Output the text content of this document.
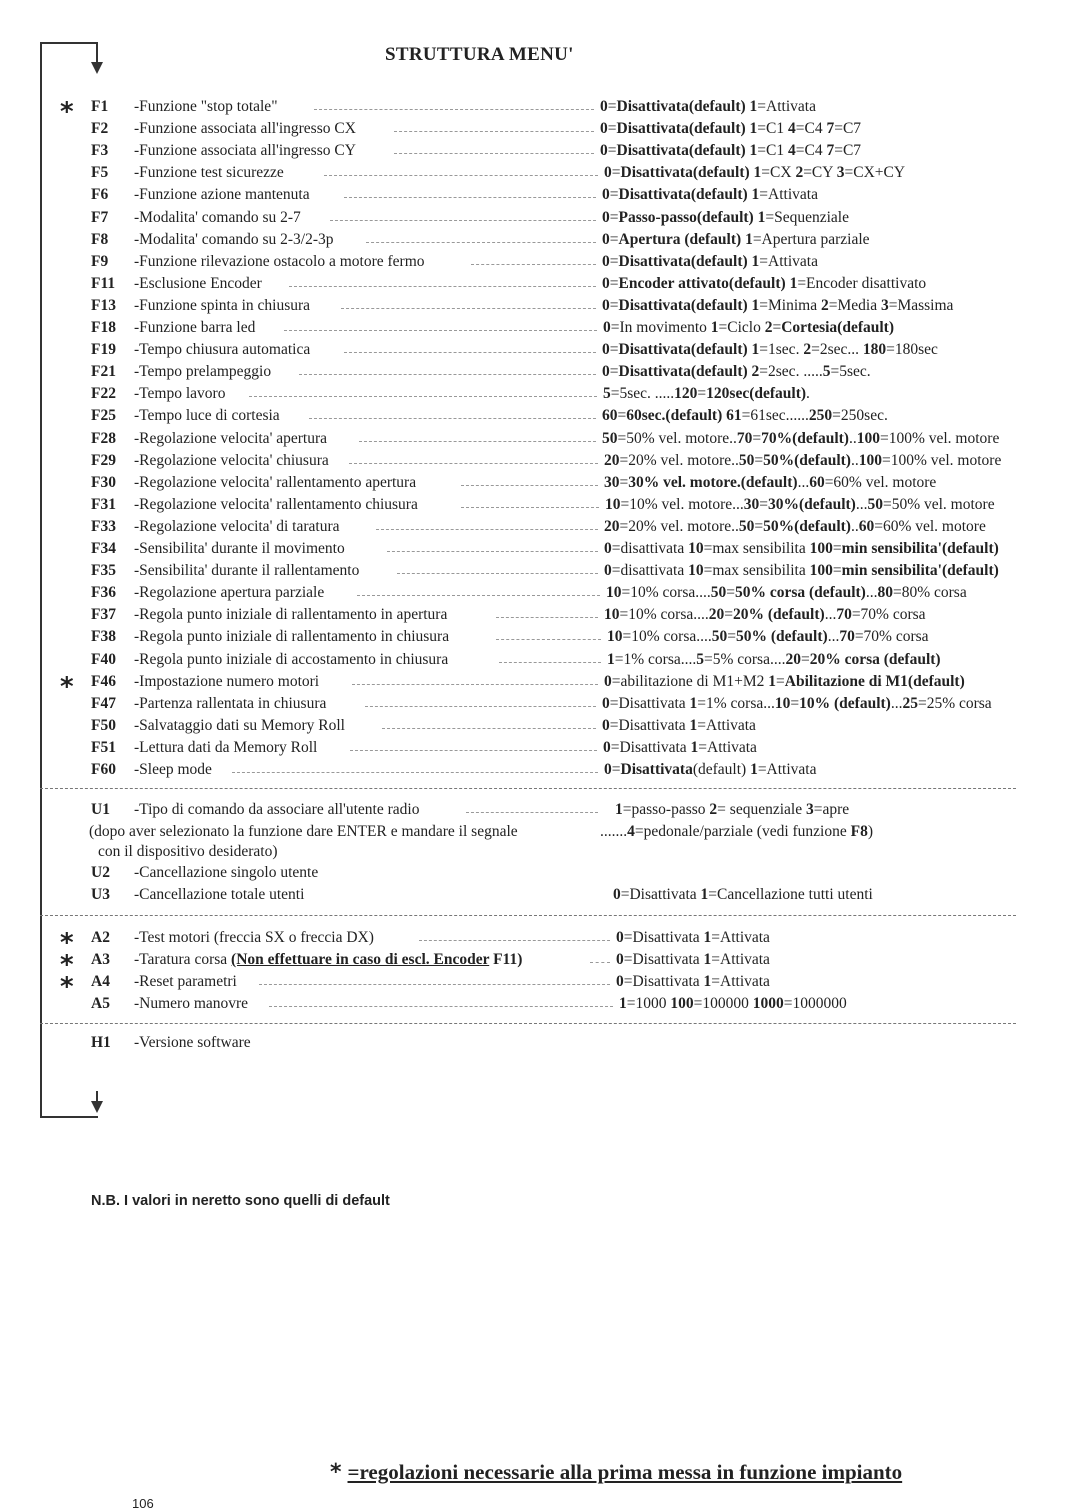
STRUTTURA MENU'
* F1 -Funzione "stop totale"	0=Disattivata(default) 1=Attivata
F2 -Funzione associata all'ingresso CX	0=Disattivata(default) 1=C1 4=C4 7=C7
F3 -Funzione associata all'ingresso CY	0=Disattivata(default) 1=C1 4=C4 7=C7
F5 -Funzione test sicurezze	0=Disattivata(default) 1=CX 2=CY 3=CX+CY
F6 -Funzione azione mantenuta	0=Disattivata(default) 1=Attivata
F7 -Modalita' comando su 2-7	0=Passo-passo(default) 1=Sequenziale
F8 -Modalita' comando su 2-3/2-3p	0=Apertura (default) 1=Apertura parziale
F9 -Funzione rilevazione ostacolo a motore fermo	0=Disattivata(default) 1=Attivata
F11 -Esclusione Encoder	0=Encoder attivato(default) 1=Encoder disattivato
F13 -Funzione spinta in chiusura	0=Disattivata(default) 1=Minima 2=Media 3=Massima
F18 -Funzione barra led	0=In movimento 1=Ciclo 2=Cortesia(default)
F19 -Tempo chiusura automatica	0=Disattivata(default) 1=1sec. 2=2sec... 180=180sec
F21 -Tempo prelampeggio	0=Disattivata(default) 2=2sec. .....5=5sec.
F22 -Tempo lavoro	5=5sec. .....120=120sec(default).
F25 -Tempo luce di cortesia	60=60sec.(default) 61=61sec......250=250sec.
F28 -Regolazione velocita' apertura	50=50% vel. motore..70=70%(default)..100=100% vel. motore
F29 -Regolazione velocita' chiusura	20=20% vel. motore..50=50%(default)..100=100% vel. motore
F30 -Regolazione velocita' rallentamento apertura	30=30% vel. motore.(default)...60=60% vel. motore
F31 -Regolazione velocita' rallentamento chiusura	10=10% vel. motore...30=30%(default)...50=50% vel. motore
F33 -Regolazione velocita' di taratura	20=20% vel. motore..50=50%(default)..60=60% vel. motore
F34 -Sensibilita' durante il movimento	0=disattivata 10=max sensibilita 100=min sensibilita'(default)
F35 -Sensibilita' durante il rallentamento	0=disattivata 10=max sensibilita 100=min sensibilita'(default)
F36 -Regolazione apertura parziale	10=10% corsa....50=50% corsa (default)...80=80% corsa
F37 -Regola punto iniziale di rallentamento in apertura	10=10% corsa....20=20% (default)...70=70% corsa
F38 -Regola punto iniziale di rallentamento in chiusura	10=10% corsa....50=50% (default)...70=70% corsa
F40 -Regola punto iniziale di accostamento in chiusura	1=1% corsa....5=5% corsa....20=20% corsa (default)
* F46 -Impostazione numero motori	0=abilitazione di M1+M2 1=Abilitazione di M1(default)
F47 -Partenza rallentata in chiusura	0=Disattivata 1=1% corsa...10=10% (default)...25=25% corsa
F50 -Salvataggio dati su Memory Roll	0=Disattivata 1=Attivata
F51 -Lettura dati da Memory Roll	0=Disattivata 1=Attivata
F60 -Sleep mode	0=Disattivata(default) 1=Attivata
U1 -Tipo di comando da associare all'utente radio	1=passo-passo 2= sequenziale 3=apre
(dopo aver selezionato la funzione dare ENTER e mandare il segnale	.......4=pedonale/parziale (vedi funzione F8)
con il dispositivo desiderato)
U2 -Cancellazione singolo utente
U3 -Cancellazione totale utenti	0=Disattivata 1=Cancellazione tutti utenti
* A2 -Test motori (freccia SX o freccia DX)	0=Disattivata 1=Attivata
* A3 -Taratura corsa (Non effettuare in caso di escl. Encoder F11)	0=Disattivata 1=Attivata
* A4 -Reset parametri	0=Disattivata 1=Attivata
A5 -Numero manovre	1=1000 100=100000 1000=1000000
H1 -Versione software
N.B. I valori in neretto sono quelli di default
* =regolazioni necessarie alla prima messa in funzione impianto
106
